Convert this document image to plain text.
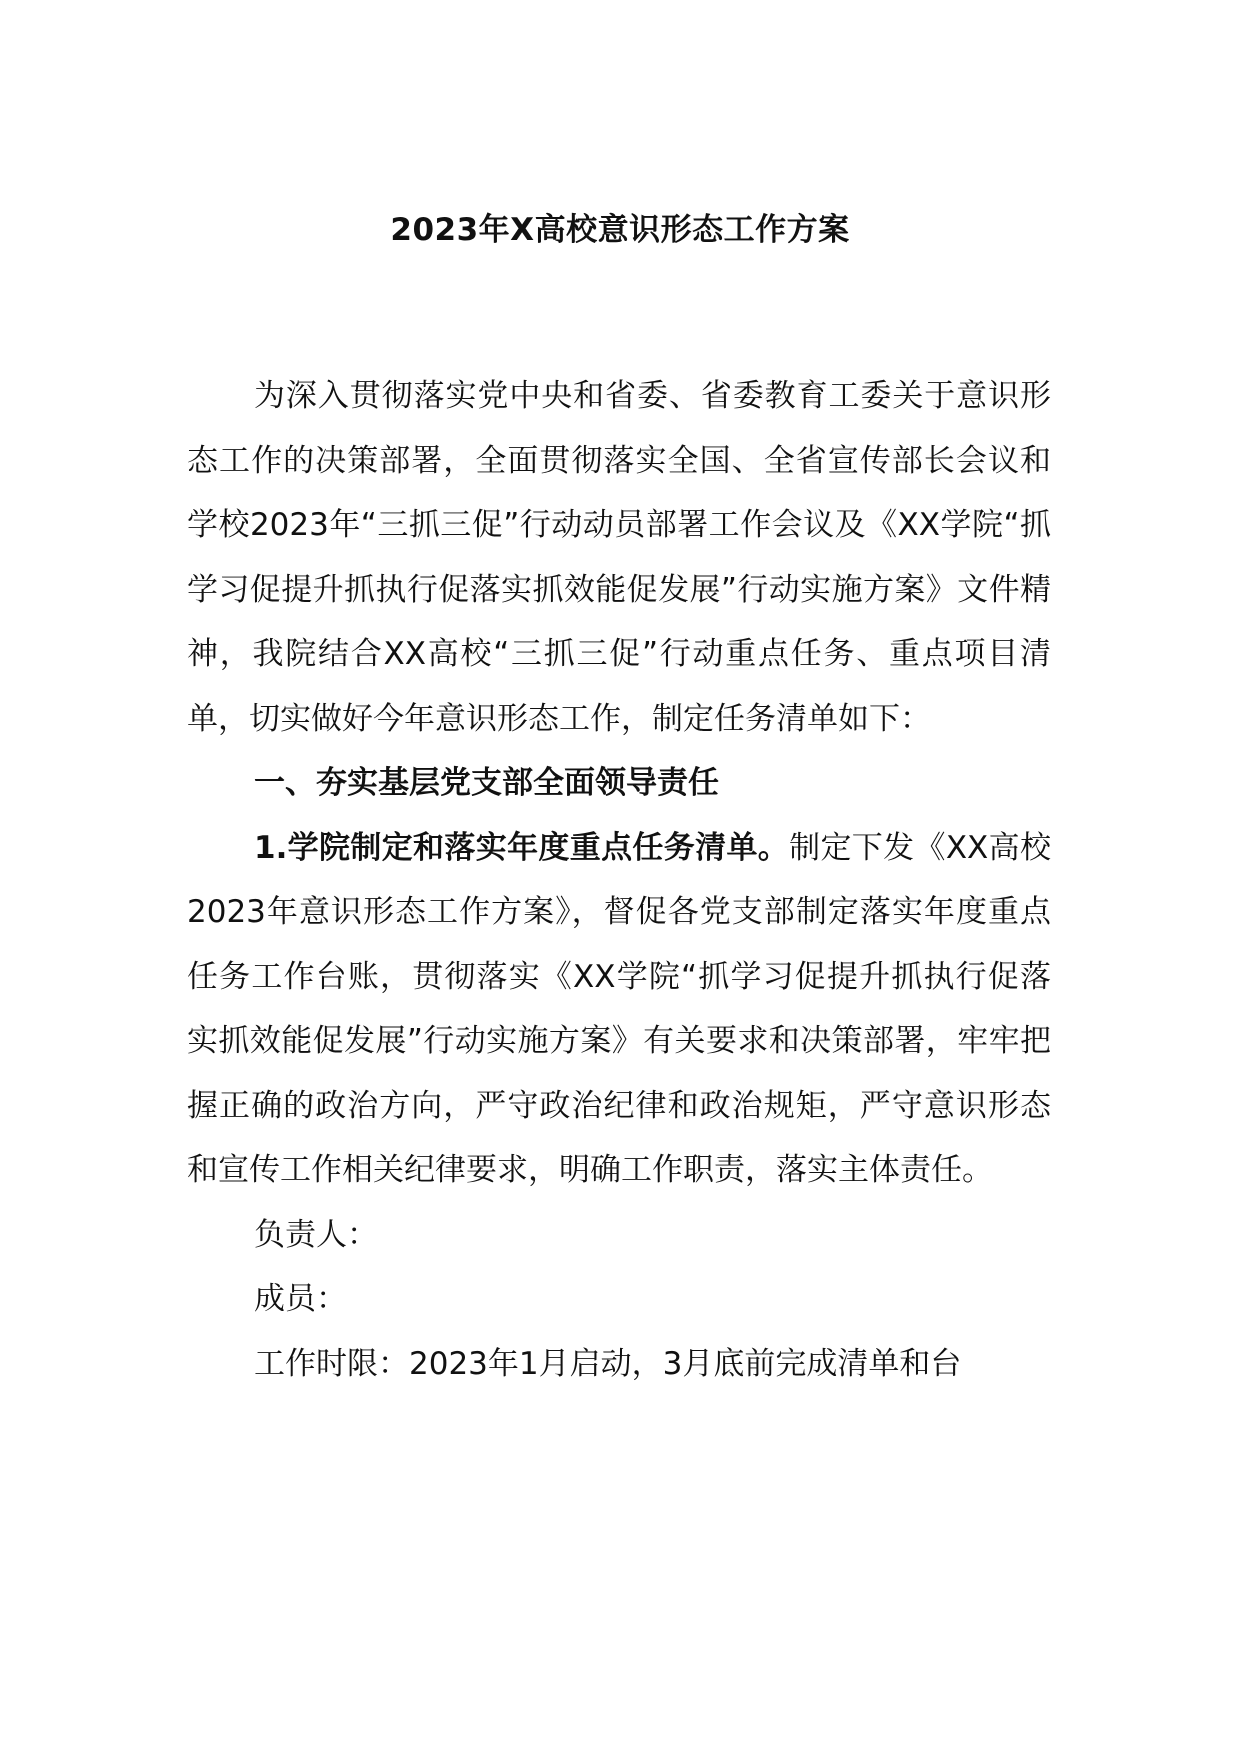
2023年X高校意识形态工作方案

为深入贯彻落实党中央和省委、省委教育工委关于意识形态工作的决策部署，全面贯彻落实全国、全省宣传部长会议和学校2023年“三抓三促”行动动员部署工作会议及《XX学院“抓学习促提升抓执行促落实抓效能促发展”行动实施方案》文件精神，我院结合XX高校“三抓三促”行动重点任务、重点项目清单，切实做好今年意识形态工作，制定任务清单如下：

一、夯实基层党支部全面领导责任

1.学院制定和落实年度重点任务清单。制定下发《XX高校2023年意识形态工作方案》，督促各党支部制定落实年度重点任务工作台账，贯彻落实《XX学院“抓学习促提升抓执行促落实抓效能促发展”行动实施方案》有关要求和决策部署，牢牢把握正确的政治方向，严守政治纪律和政治规矩，严守意识形态和宣传工作相关纪律要求，明确工作职责，落实主体责任。

负责人：

成员：

工作时限：2023年1月启动，3月底前完成清单和台
